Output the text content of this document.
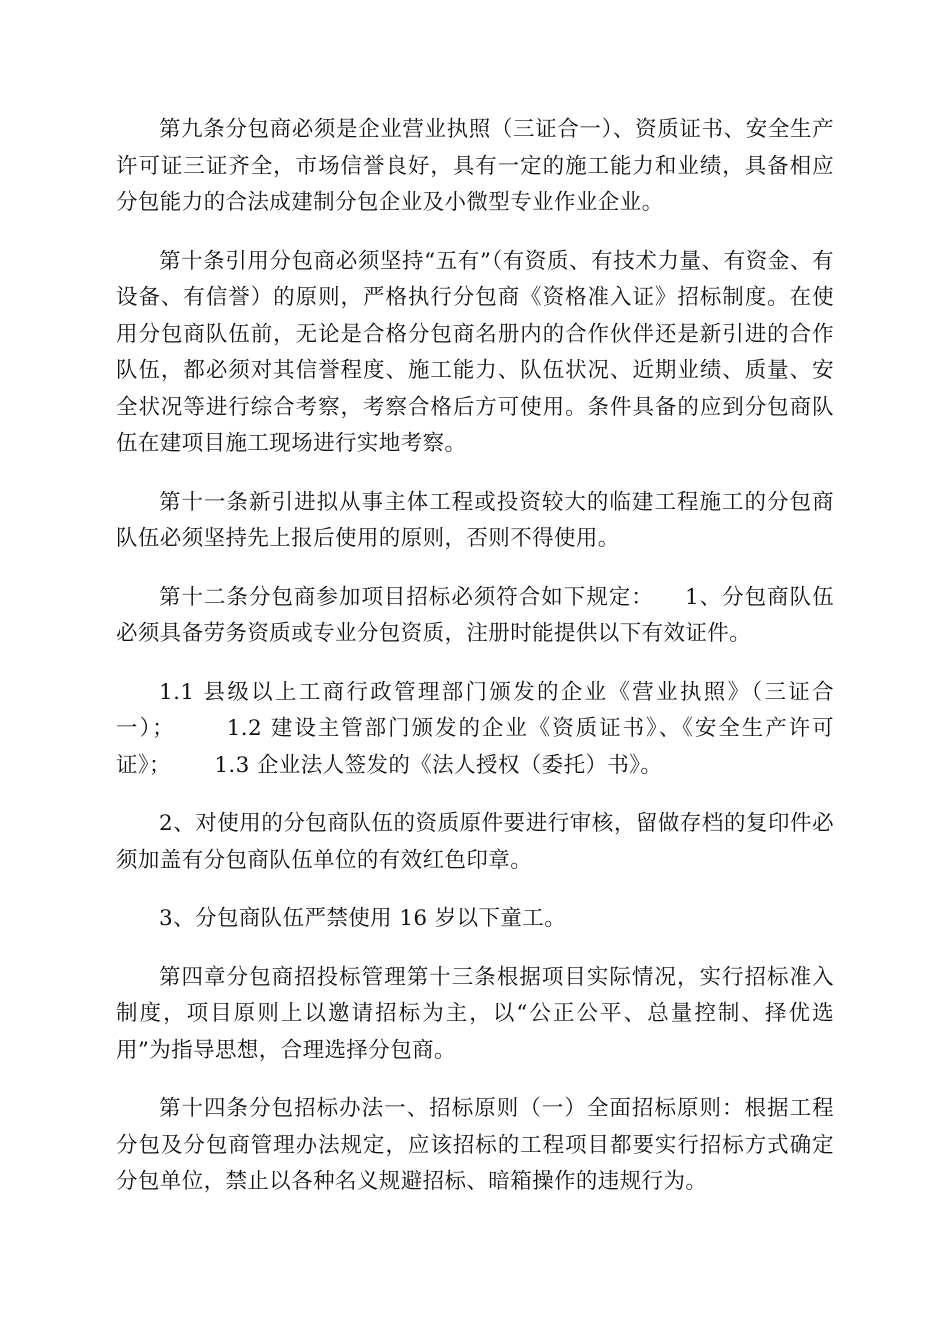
第九条分包商必须是企业营业执照（三证合一）、资质证书、安全生产许可证三证齐全，市场信誉良好，具有一定的施工能力和业绩，具备相应分包能力的合法成建制分包企业及小微型专业作业企业。

第十条引用分包商必须坚持“五有”（有资质、有技术力量、有资金、有设备、有信誉）的原则，严格执行分包商《资格准入证》招标制度。在使用分包商队伍前，无论是合格分包商名册内的合作伙伴还是新引进的合作队伍，都必须对其信誉程度、施工能力、队伍状况、近期业绩、质量、安全状况等进行综合考察，考察合格后方可使用。条件具备的应到分包商队伍在建项目施工现场进行实地考察。

第十一条新引进拟从事主体工程或投资较大的临建工程施工的分包商队伍必须坚持先上报后使用的原则，否则不得使用。

第十二条分包商参加项目招标必须符合如下规定：    1、分包商队伍必须具备劳务资质或专业分包资质，注册时能提供以下有效证件。

1.1 县级以上工商行政管理部门颁发的企业《营业执照》（三证合一）；      1.2 建设主管部门颁发的企业《资质证书》、《安全生产许可证》；      1.3 企业法人签发的《法人授权（委托）书》。

2、对使用的分包商队伍的资质原件要进行审核，留做存档的复印件必须加盖有分包商队伍单位的有效红色印章。

3、分包商队伍严禁使用 16 岁以下童工。

第四章分包商招投标管理第十三条根据项目实际情况，实行招标准入制度，项目原则上以邀请招标为主，以“公正公平、总量控制、择优选用”为指导思想，合理选择分包商。

第十四条分包招标办法一、招标原则（一）全面招标原则：根据工程分包及分包商管理办法规定，应该招标的工程项目都要实行招标方式确定分包单位，禁止以各种名义规避招标、暗箱操作的违规行为。
